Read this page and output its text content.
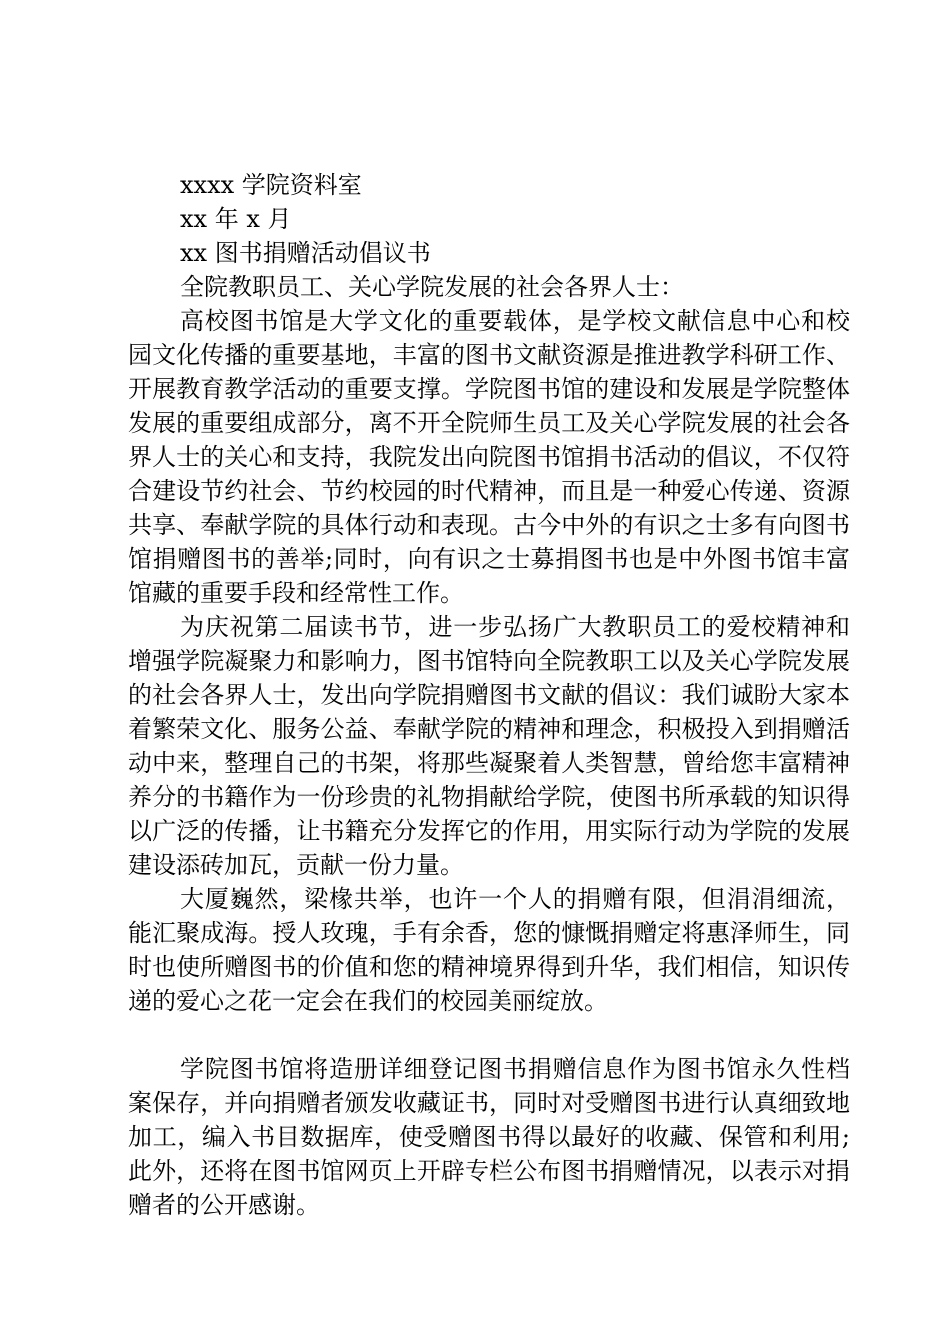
xxxx 学院资料室
xx 年 x 月
xx 图书捐赠活动倡议书
全院教职员工、关心学院发展的社会各界人士：

高校图书馆是大学文化的重要载体，是学校文献信息中心和校园文化传播的重要基地，丰富的图书文献资源是推进教学科研工作、开展教育教学活动的重要支撑。学院图书馆的建设和发展是学院整体发展的重要组成部分，离不开全院师生员工及关心学院发展的社会各界人士的关心和支持，我院发出向院图书馆捐书活动的倡议，不仅符合建设节约社会、节约校园的时代精神，而且是一种爱心传递、资源共享、奉献学院的具体行动和表现。古今中外的有识之士多有向图书馆捐赠图书的善举;同时，向有识之士募捐图书也是中外图书馆丰富馆藏的重要手段和经常性工作。

为庆祝第二届读书节，进一步弘扬广大教职员工的爱校精神和增强学院凝聚力和影响力，图书馆特向全院教职工以及关心学院发展的社会各界人士，发出向学院捐赠图书文献的倡议：我们诚盼大家本着繁荣文化、服务公益、奉献学院的精神和理念，积极投入到捐赠活动中来，整理自己的书架，将那些凝聚着人类智慧，曾给您丰富精神养分的书籍作为一份珍贵的礼物捐献给学院，使图书所承载的知识得以广泛的传播，让书籍充分发挥它的作用，用实际行动为学院的发展建设添砖加瓦，贡献一份力量。

大厦巍然，梁椽共举，也许一个人的捐赠有限，但涓涓细流，能汇聚成海。授人玫瑰，手有余香，您的慷慨捐赠定将惠泽师生，同时也使所赠图书的价值和您的精神境界得到升华，我们相信，知识传递的爱心之花一定会在我们的校园美丽绽放。

学院图书馆将造册详细登记图书捐赠信息作为图书馆永久性档案保存，并向捐赠者颁发收藏证书，同时对受赠图书进行认真细致地加工，编入书目数据库，使受赠图书得以最好的收藏、保管和利用;此外，还将在图书馆网页上开辟专栏公布图书捐赠情况，以表示对捐赠者的公开感谢。
